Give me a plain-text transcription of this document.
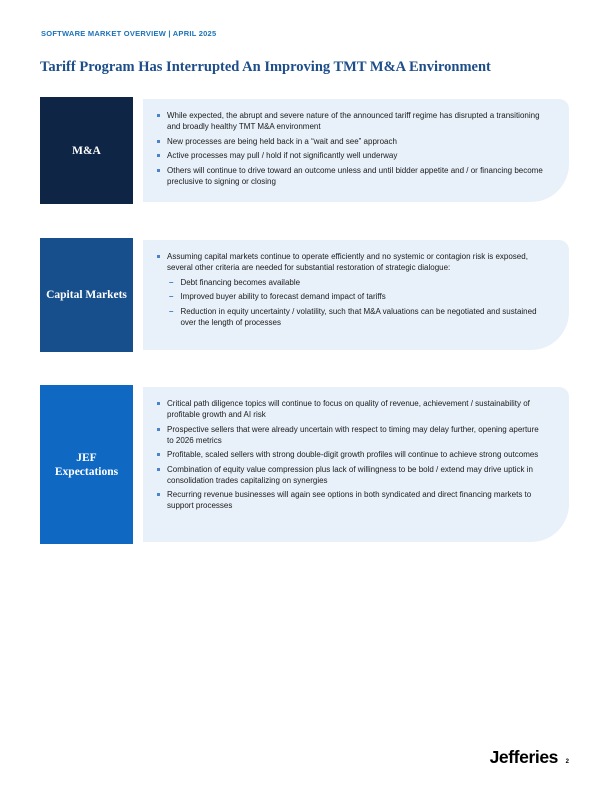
SOFTWARE MARKET OVERVIEW | APRIL 2025
Tariff Program Has Interrupted An Improving TMT M&A Environment
M&A
While expected, the abrupt and severe nature of the announced tariff regime has disrupted a transitioning and broadly healthy TMT M&A environment
New processes are being held back in a “wait and see” approach
Active processes may pull / hold if not significantly well underway
Others will continue to drive toward an outcome unless and until bidder appetite and / or financing become preclusive to signing or closing
Capital Markets
Assuming capital markets continue to operate efficiently and no systemic or contagion risk is exposed, several other criteria are needed for substantial restoration of strategic dialogue:
– Debt financing becomes available
– Improved buyer ability to forecast demand impact of tariffs
– Reduction in equity uncertainty / volatility, such that M&A valuations can be negotiated and sustained over the length of processes
JEF Expectations
Critical path diligence topics will continue to focus on quality of revenue, achievement / sustainability of profitable growth and AI risk
Prospective sellers that were already uncertain with respect to timing may delay further, opening aperture to 2026 metrics
Profitable, scaled sellers with strong double-digit growth profiles will continue to achieve strong outcomes
Combination of equity value compression plus lack of willingness to be bold / extend may drive uptick in consolidation trades capitalizing on synergies
Recurring revenue businesses will again see options in both syndicated and direct financing markets to support processes
Jefferies 2
